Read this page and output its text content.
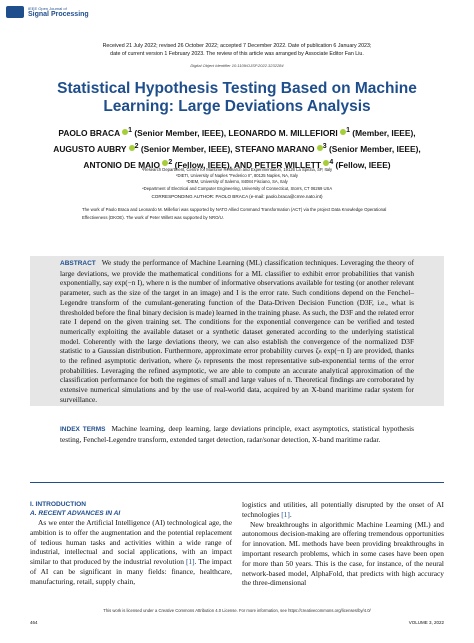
IEEE Open Journal of
Signal Processing
Received 21 July 2022; revised 26 October 2022; accepted 7 December 2022. Date of publication 6 January 2023;
date of current version 1 February 2023. The review of this article was arranged by Associate Editor Fan Liu.
Digital Object Identifier 10.1109/OJSP.2022.3232284
Statistical Hypothesis Testing Based on Machine Learning: Large Deviations Analysis
PAOLO BRACA $^1$ (Senior Member, IEEE), LEONARDO M. MILLEFIORI $^1$ (Member, IEEE), AUGUSTO AUBRY $^2$ (Senior Member, IEEE), STEFANO MARANO $^3$ (Senior Member, IEEE), ANTONIO DE MAIO $^2$ (Fellow, IEEE), AND PETER WILLETT $^4$ (Fellow, IEEE)
¹Research Department, Centre for Maritime Research and Experimentation, 19126 La Spezia, SP, Italy
²DIETI, University of Naples "Federico II", 80125 Naples, NA, Italy
³DIEM, University of Salerno, 84084 Fisciano, SA, Italy
⁴Department of Electrical and Computer Engineering, University of Connecticut, Storrs, CT 06269 USA
CORRESPONDING AUTHOR: PAOLO BRACA (e-mail: paolo.braca@cmre.nato.int)
The work of Paolo Braca and Leonardo M. Millefiori was supported by NATO Allied Command Transformation (ACT) via the project Data Knowledge Operational Effectiveness (DKOE). The work of Peter Willett was supported by NRO/U.
ABSTRACT We study the performance of Machine Learning (ML) classification techniques. Leveraging the theory of large deviations, we provide the mathematical conditions for a ML classifier to exhibit error probabilities that vanish exponentially, say exp(−n I), where n is the number of informative observations available for testing (or another relevant parameter, such as the size of the target in an image) and I is the error rate. Such conditions depend on the Fenchel–Legendre transform of the cumulant-generating function of the Data-Driven Decision Function (D3F, i.e., what is thresholded before the final binary decision is made) learned in the training phase. As such, the D3F and the related error rate I depend on the given training set. The conditions for the exponential convergence can be verified and tested numerically exploiting the available dataset or a synthetic dataset generated according to the underlying statistical model. Coherently with the large deviations theory, we can also establish the convergence of the normalized D3F statistic to a Gaussian distribution. Furthermore, approximate error probability curves ζₙ exp(−n I) are provided, thanks to the refined asymptotic derivation, where ζₙ represents the most representative sub-exponential terms of the error probabilities. Leveraging the refined asymptotic, we are able to compute an accurate analytical approximation of the classification performance for both the regimes of small and large values of n. Theoretical findings are corroborated by extensive numerical simulations and by the use of real-world data, acquired by an X-band maritime radar system for surveillance.
INDEX TERMS Machine learning, deep learning, large deviations principle, exact asymptotics, statistical hypothesis testing, Fenchel-Legendre transform, extended target detection, radar/sonar detection, X-band maritime radar.
I. INTRODUCTION
A. RECENT ADVANCES IN AI

As we enter the Artificial Intelligence (AI) technological age, the ambition is to offer the augmentation and the potential replacement of tedious human tasks and activities within a wide range of industrial, intellectual and social applications, with an impact similar to that produced by the industrial revolution [1]. The impact of AI can be significant in many fields: finance, healthcare, manufacturing, retail, supply chain,

logistics and utilities, all potentially disrupted by the onset of AI technologies [1].

New breakthroughs in algorithmic Machine Learning (ML) and autonomous decision-making are offering tremendous opportunities for innovation. ML methods have been providing breakthroughs in important research problems, which in some cases have been open for more than 50 years. This is the case, for instance, of the neural network-based model, AlphaFold, that predicts with high accuracy the three-dimensional

This work is licensed under a Creative Commons Attribution 4.0 License. For more information, see https://creativecommons.org/licenses/by/4.0/
464	VOLUME 3, 2022
